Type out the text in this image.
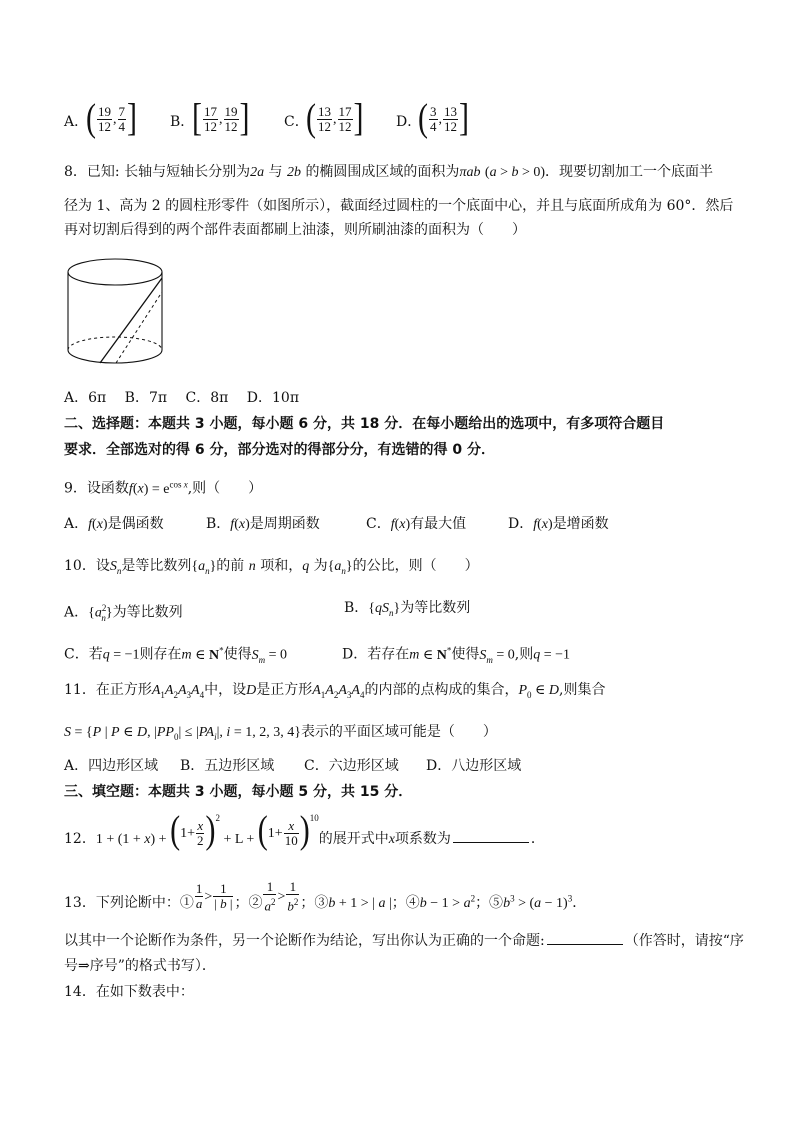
A．
( $\frac{19}{12}$ , $\frac{7}{4}$ ] B．
[ $\frac{17}{12}$ , $\frac{19}{12}$ ] C．
( $\frac{13}{12}$ , $\frac{17}{12}$ ] D．
( $\frac{3}{4}$ , $\frac{13}{12}$ ]
8．已知: 长轴与短轴长分别为2a 与 2b 的椭圆围成区域的面积为πab (a > b > 0)．现要切割加工一个底面半
径为 1、高为 2 的圆柱形零件（如图所示），截面经过圆柱的一个底面中心，并且与底面所成角为 60°．然后
再对切割后得到的两个部件表面都刷上油漆，则所刷油漆的面积为（　　）
A．6π　 B．7π　 C．8π　 D．10π
二、选择题：本题共 3 小题，每小题 6 分，共 18 分．在每小题给出的选项中，有多项符合题目
要求．全部选对的得 6 分，部分选对的得部分分，有选错的得 0 分．
9．设函数$f(x) = e^{cos x}$,则（　　）
A．f(x)是偶函数	B．f(x)是周期函数	C．f(x)有最大值	D．f(x)是增函数
10．设$S_n$是等比数列$\{a_n\}$的前 n 项和，q 为$\{a_n\}$的公比，则（　　）
A．$\{a^2_n\}$为等比数列	B．$\{qS_n\}$为等比数列
C．若q = −1则存在m ∈ N*使得$S_m = 0$	D．若存在m ∈ N*使得$S_m = 0$,则q = −1
11．在正方形$A_1A_2A_3A_4$中，设D是正方形$A_1A_2A_3A_4$的内部的点构成的集合，$P_0$ ∈ D,则集合
S = {P | P ∈ D, $|PP_0| \le |PA_i|$, i = 1, 2, 3, 4}表示的平面区域可能是（　　）
A．四边形区域 B．五边形区域 C．六边形区域 D．八边形区域
三、填空题：本题共 3 小题，每小题 5 分，共 15 分．
12．$1 + (1 + x) + (1+ \frac{x}{2} )^2 + L + (1+ \frac{x}{10} )^{10}$的展开式中x项系数为	．
13．下列论断中：① $\frac{1}{a} > \frac{1}{| b |}$ ；② $\frac{1}{a^2} > \frac{1}{b^2}$ ；③b + 1 > | a |；④b − $1 > a^2$；$⑤b^3 > (a - 1)^3$．
以其中一个论断作为条件，另一个论断作为结论，写出你认为正确的一个命题:	（作答时，请按“序
号⇒序号”的格式书写）．
14．在如下数表中：
